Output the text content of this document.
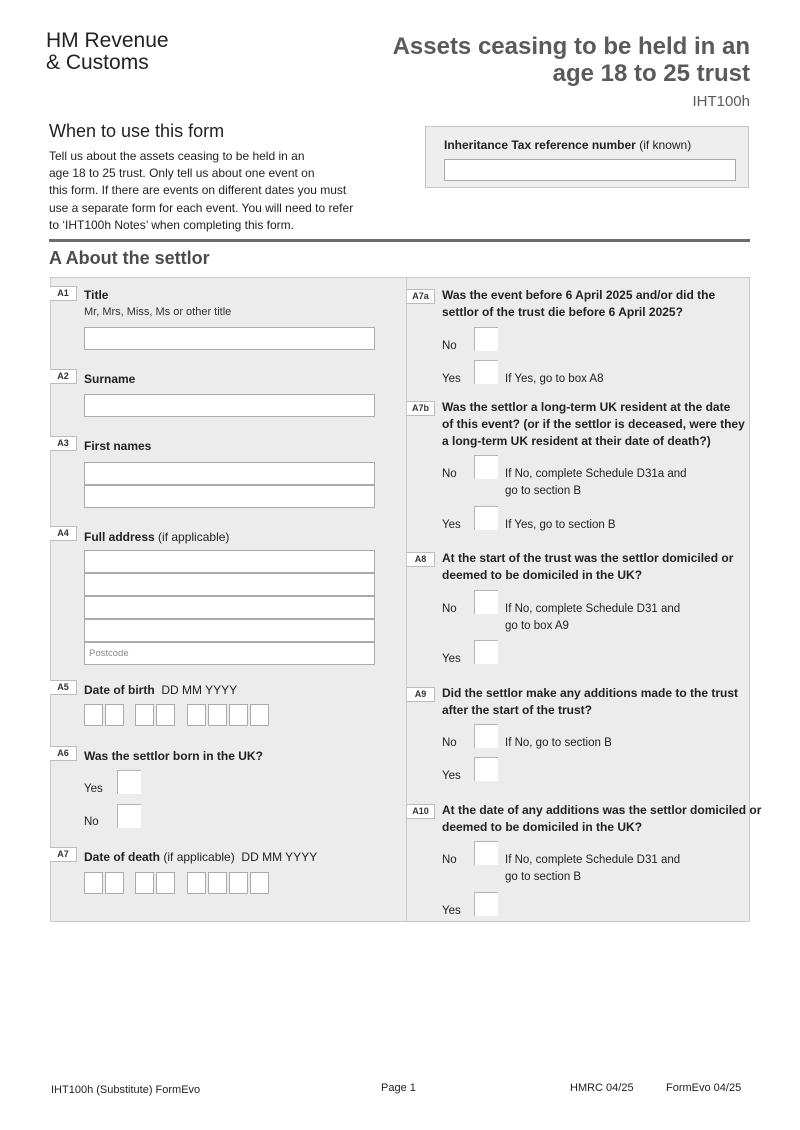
HM Revenue
& Customs
Assets ceasing to be held in an
age 18 to 25 trust
IHT100h
When to use this form
Tell us about the assets ceasing to be held in an
age 18 to 25 trust. Only tell us about one event on
this form. If there are events on different dates you must
use a separate form for each event. You will need to refer
to ‘IHT100h Notes’ when completing this form.
Inheritance Tax reference number (if known)
A About the settlor
A1	Title
Mr, Mrs, Miss, Ms or other title
A2	Surname
A3	First names
A4	Full address (if applicable)
Postcode
A5	Date of birth DD MM YYYY
A6	Was the settlor born in the UK?
Yes
No
A7	Date of death (if applicable) DD MM YYYY
A7a	Was the event before 6 April 2025 and/or did the
settlor of the trust die before 6 April 2025?
No
Yes	If Yes, go to box A8
A7b	Was the settlor a long-term UK resident at the date
of this event? (or if the settlor is deceased, were they
a long-term UK resident at their date of death?)
No	If No, complete Schedule D31a and
go to section B
Yes	If Yes, go to section B
A8	At the start of the trust was the settlor domiciled or
deemed to be domiciled in the UK?
No	If No, complete Schedule D31 and
go to box A9
Yes
A9	Did the settlor make any additions made to the trust
after the start of the trust?
No	If No, go to section B
Yes
A10	At the date of any additions was the settlor domiciled or
deemed to be domiciled in the UK?
No	If No, complete Schedule D31 and
go to section B
Yes
IHT100h (Substitute) FormEvo	Page 1	HMRC 04/25	FormEvo 04/25
